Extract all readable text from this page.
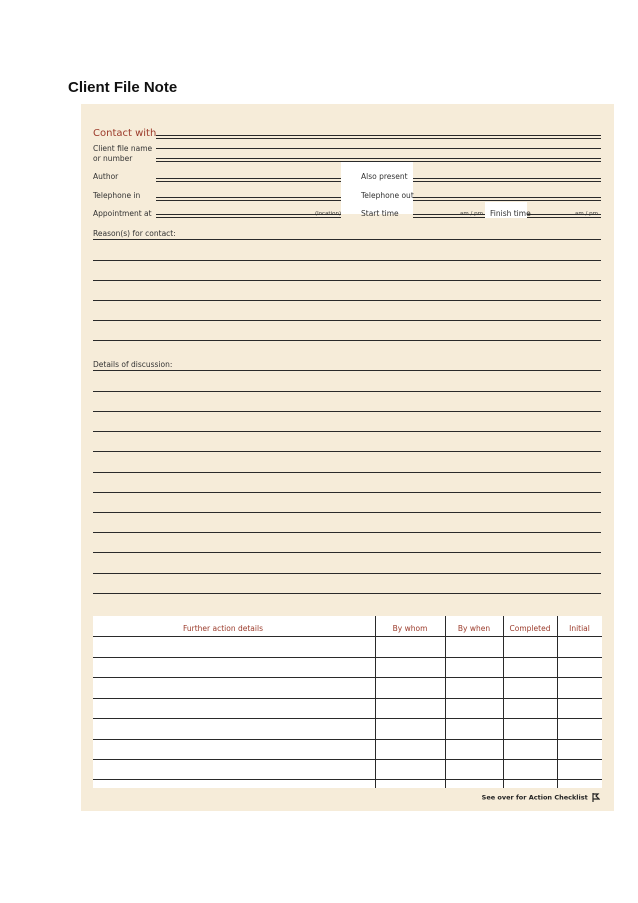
Client File Note
Contact with
Client file name
or number
Author	Also present
Telephone in	Telephone out
Appointment at	(location)	Start time	am / pm Finish time	am / pm
Reason(s) for contact:
Details of discussion:
Further action details	By whom	By when	Completed	Initial
See over for Action Checklist
